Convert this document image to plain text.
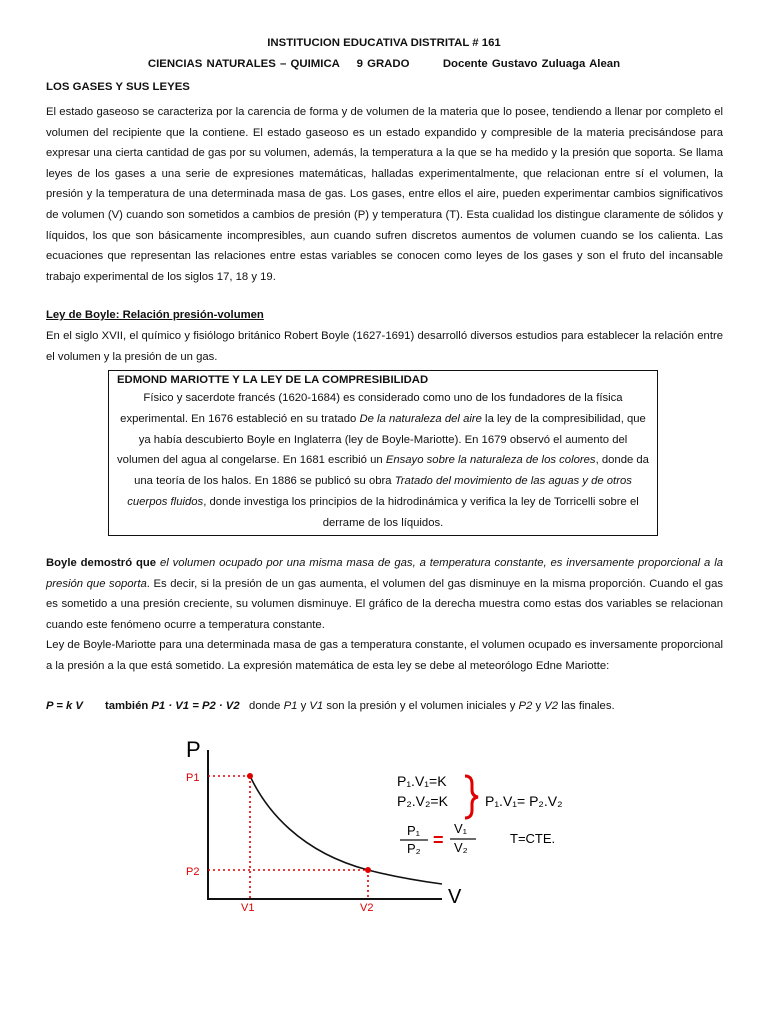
INSTITUCION EDUCATIVA DISTRITAL # 161
CIENCIAS NATURALES – QUIMICA 9 GRADO	Docente Gustavo Zuluaga Alean
LOS GASES Y SUS LEYES

El estado gaseoso se caracteriza por la carencia de forma y de volumen de la materia que lo posee, tendiendo a llenar por completo el volumen del recipiente que la contiene. El estado gaseoso es un estado expandido y compresible de la materia precisándose para expresar una cierta cantidad de gas por su volumen, además, la temperatura a la que se ha medido y la presión que soporta. Se llama leyes de los gases a una serie de expresiones matemáticas, halladas experimentalmente, que relacionan entre sí el volumen, la presión y la temperatura de una determinada masa de gas. Los gases, entre ellos el aire, pueden experimentar cambios significativos de volumen (V) cuando son sometidos a cambios de presión (P) y temperatura (T). Esta cualidad los distingue claramente de sólidos y líquidos, los que son básicamente incompresibles, aun cuando sufren discretos aumentos de volumen cuando se los calienta. Las ecuaciones que representan las relaciones entre estas variables se conocen como leyes de los gases y son el fruto del incansable trabajo experimental de los siglos 17, 18 y 19.

Ley de Boyle: Relación presión-volumen

En el siglo XVII, el químico y fisiólogo británico Robert Boyle (1627-1691) desarrolló diversos estudios para establecer la relación entre el volumen y la presión de un gas.

EDMOND MARIOTTE Y LA LEY DE LA COMPRESIBILIDAD

Físico y sacerdote francés (1620-1684) es considerado como uno de los fundadores de la física experimental. En 1676 estableció en su tratado De la naturaleza del aire la ley de la compresibilidad, que ya había descubierto Boyle en Inglaterra (ley de Boyle-Mariotte). En 1679 observó el aumento del volumen del agua al congelarse. En 1681 escribió un Ensayo sobre la naturaleza de los colores, donde da una teoría de los halos. En 1886 se publicó su obra Tratado del movimiento de las aguas y de otros cuerpos fluidos, donde investiga los principios de la hidrodinámica y verifica la ley de Torricelli sobre el derrame de los líquidos.

Boyle demostró que el volumen ocupado por una misma masa de gas, a temperatura constante, es inversamente proporcional a la presión que soporta. Es decir, si la presión de un gas aumenta, el volumen del gas disminuye en la misma proporción. Cuando el gas es sometido a una presión creciente, su volumen disminuye. El gráfico de la derecha muestra como estas dos variables se relacionan cuando este fenómeno ocurre a temperatura constante.

Ley de Boyle-Mariotte para una determinada masa de gas a temperatura constante, el volumen ocupado es inversamente proporcional a la presión a la que está sometido. La expresión matemática de esta ley se debe al meteorólogo Edne Mariotte:

P = k V también P1 · V1 = P2 · V2 donde P1 y V1 son la presión y el volumen iniciales y P2 y V2 las finales.
P
V
P1
P2
V1	V2
P₁.V₁=K
P₂.V₂=K	P₁.V₁= P₂.V₂
P₁
P₂ =
V₁
V₂
T=CTE.
